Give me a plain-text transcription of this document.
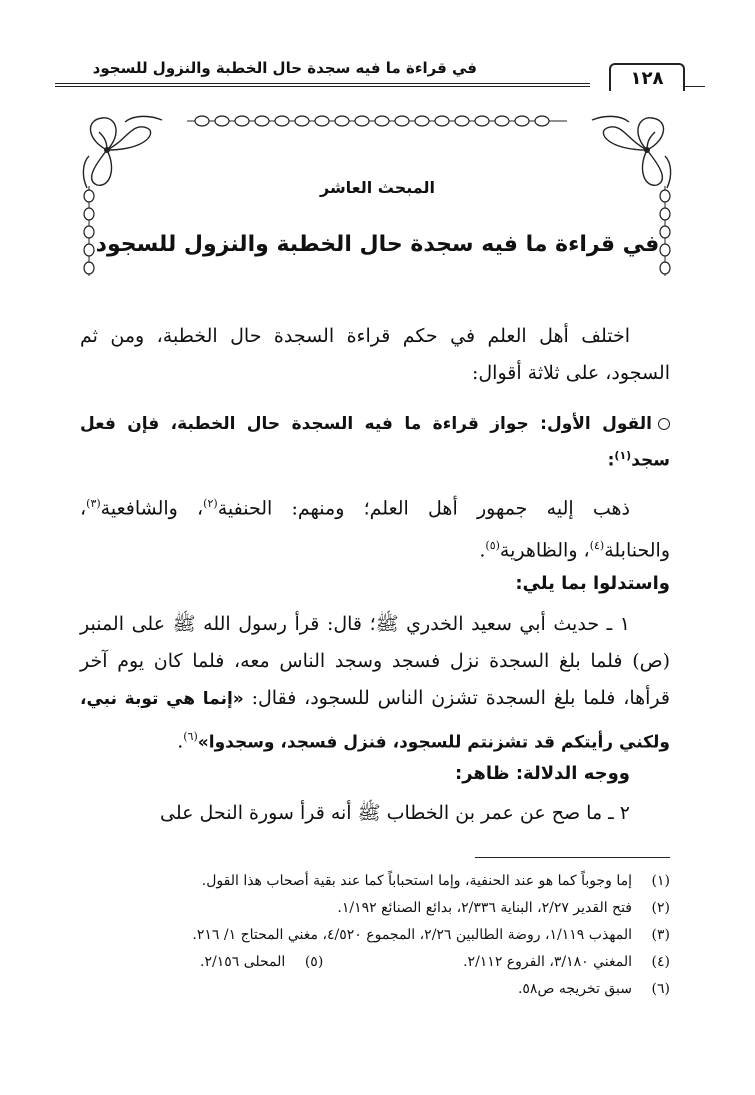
في قراءة ما فيه سجدة حال الخطبة والنزول للسجود	١٢٨
المبحث العاشر
في قراءة ما فيه سجدة حال الخطبة والنزول للسجود

اختلف أهل العلم في حكم قراءة السجدة حال الخطبة، ومن ثم السجود، على ثلاثة أقوال:

القول الأول: جواز قراءة ما فيه السجدة حال الخطبة، فإن فعل سجد$^{(١)}$:

ذهب إليه جمهور أهل العلم؛ ومنهم: الحنفية$^{(٢)}$، والشافعية$^{(٣)}$، والحنابلة$^{(٤)}$، والظاهرية$^{(٥)}$.

واستدلوا بما يلي:

١ ـ حديث أبي سعيد الخدري ﷺ؛ قال: قرأ رسول الله ﷺ على المنبر (ص) فلما بلغ السجدة نزل فسجد وسجد الناس معه، فلما كان يوم آخر قرأها، فلما بلغ السجدة تشزن الناس للسجود، فقال: «إنما هي توبة نبي، ولكني رأيتكم قد تشزنتم للسجود، فنزل فسجد، وسجدوا»$^{(٦)}$.

ووجه الدلالة: ظاهر:

٢ ـ ما صح عن عمر بن الخطاب ﷺ أنه قرأ سورة النحل على

(١)إما وجوباً كما هو عند الحنفية، وإما استحباباً كما عند بقية أصحاب هذا القول.
(٢)فتح القدير ٢/٢٧، البناية ٢/٣٣٦، بدائع الصنائع ١/١٩٢.
(٣)المهذب ١/١١٩، روضة الطالبين ٢/٢٦، المجموع ٤/٥٢٠، مغني المحتاج ١/ ٢١٦.
(٤)المغني ٣/١٨٠، الفروع ٢/١١٢.
(٥)المحلى ٢/١٥٦.
(٦)سبق تخريجه ص٥٨.
